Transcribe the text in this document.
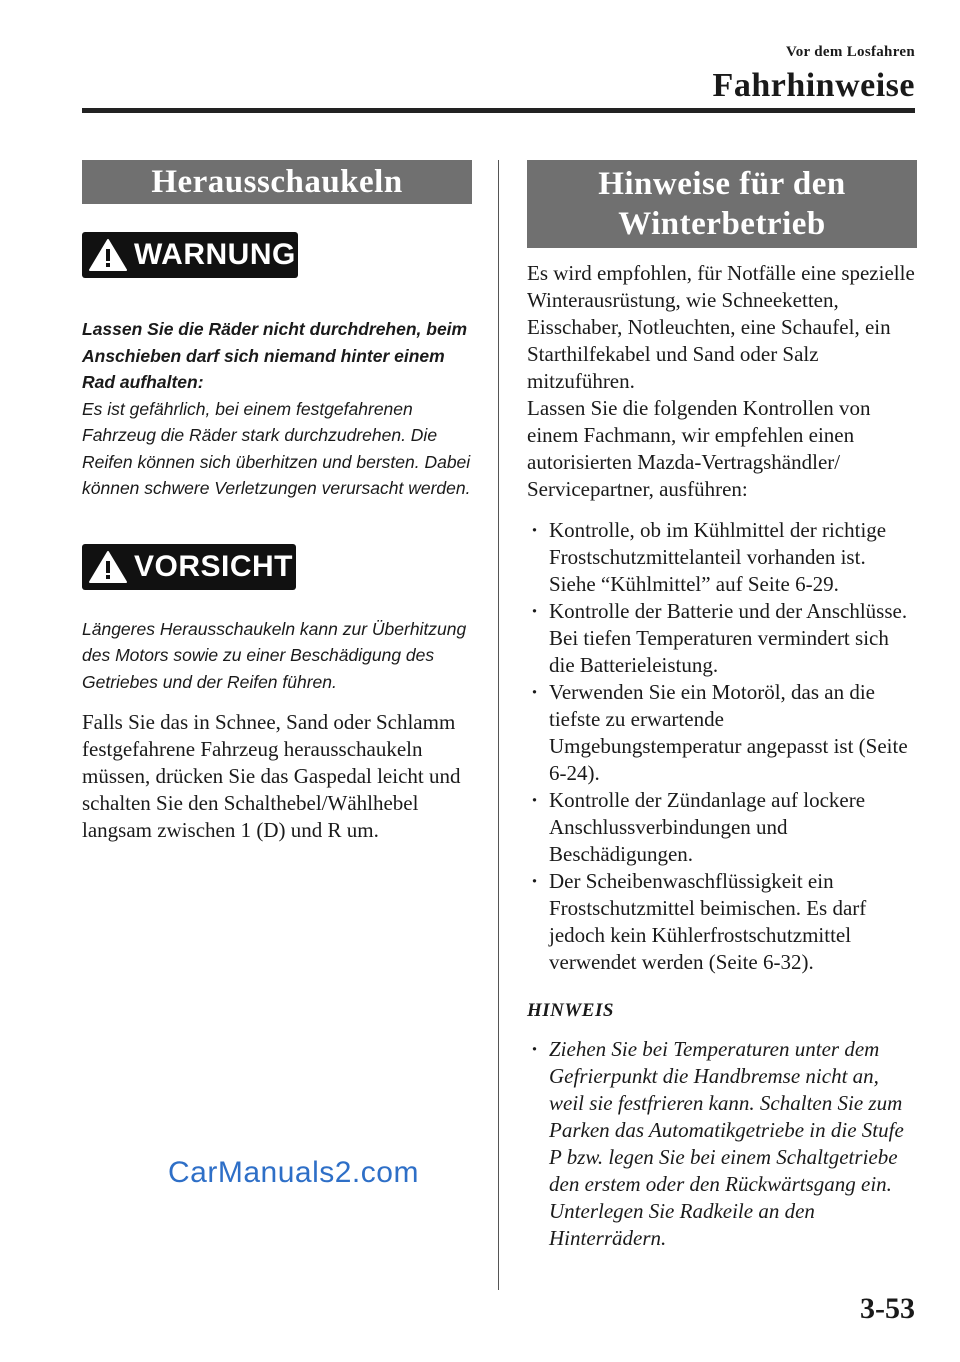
Vor dem Losfahren
Fahrhinweise
Herausschaukeln
WARNUNG
Lassen Sie die Räder nicht durchdrehen, beim Anschieben darf sich niemand hinter einem Rad aufhalten:
Es ist gefährlich, bei einem festgefahrenen Fahrzeug die Räder stark durchzudrehen. Die Reifen können sich überhitzen und bersten. Dabei können schwere Verletzungen verursacht werden.
VORSICHT
Längeres Herausschaukeln kann zur Überhitzung des Motors sowie zu einer Beschädigung des Getriebes und der Reifen führen.
Falls Sie das in Schnee, Sand oder Schlamm festgefahrene Fahrzeug herausschaukeln müssen, drücken Sie das Gaspedal leicht und schalten Sie den Schalthebel/Wählhebel langsam zwischen 1 (D) und R um.
Hinweise für den
Winterbetrieb
Es wird empfohlen, für Notfälle eine spezielle Winterausrüstung, wie Schneeketten, Eisschaber, Notleuchten, eine Schaufel, ein Starthilfekabel und Sand oder Salz mitzuführen.
Lassen Sie die folgenden Kontrollen von einem Fachmann, wir empfehlen einen autorisierten Mazda-Vertragshändler/ Servicepartner, ausführen:
· Kontrolle, ob im Kühlmittel der richtige Frostschutzmittelanteil vorhanden ist. Siehe “Kühlmittel” auf Seite 6-29.
· Kontrolle der Batterie und der Anschlüsse. Bei tiefen Temperaturen vermindert sich die Batterieleistung.
· Verwenden Sie ein Motoröl, das an die tiefste zu erwartende Umgebungstemperatur angepasst ist (Seite 6-24).
· Kontrolle der Zündanlage auf lockere Anschlussverbindungen und Beschädigungen.
· Der Scheibenwaschflüssigkeit ein Frostschutzmittel beimischen. Es darf jedoch kein Kühlerfrostschutzmittel verwendet werden (Seite 6-32).
HINWEIS
· Ziehen Sie bei Temperaturen unter dem Gefrierpunkt die Handbremse nicht an, weil sie festfrieren kann. Schalten Sie zum Parken das Automatikgetriebe in die Stufe P bzw. legen Sie bei einem Schaltgetriebe den erstem oder den Rückwärtsgang ein. Unterlegen Sie Radkeile an den Hinterrädern.
CarManuals2.com
3-53
